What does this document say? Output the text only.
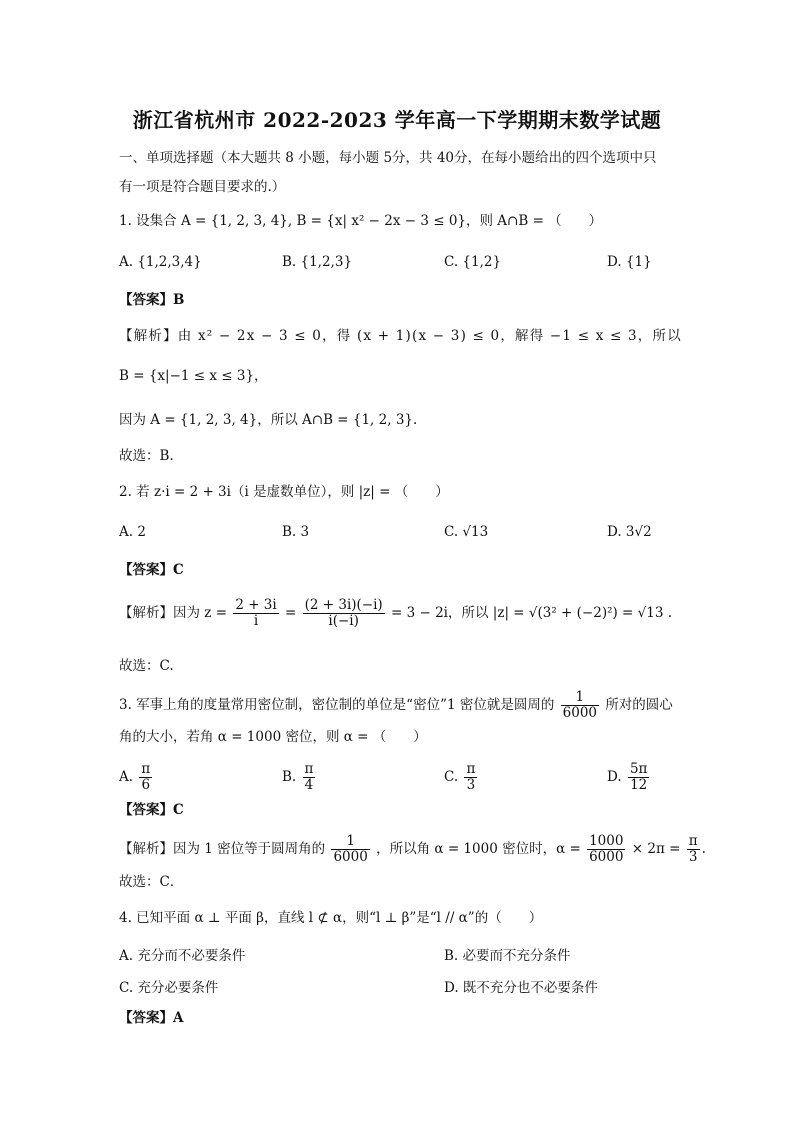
浙江省杭州市 2022-2023 学年高一下学期期末数学试题
一、单项选择题（本大题共 8 小题，每小题 5分，共 40分，在每小题给出的四个选项中只
有一项是符合题目要求的.）
1. 设集合 A = {1, 2, 3, 4}, B = {x| x² − 2x − 3 ≤ 0}，则 A∩B = （　　）
A. {1,2,3,4}	B. {1,2,3}	C. {1,2}	D. {1}
【答案】B
【解析】由 x² − 2x − 3 ≤ 0，得 (x + 1)(x − 3) ≤ 0，解得 −1 ≤ x ≤ 3，所以
B = {x|−1 ≤ x ≤ 3}，
因为 A = {1, 2, 3, 4}，所以 A∩B = {1, 2, 3}.
故选：B.
2. 若 z·i = 2 + 3i（i 是虚数单位），则 |z| = （　　）
A. 2	B. 3	C. √13	D. 3√2
【答案】C
【解析】因为 $z = \frac{2 + 3i}{i} = \frac{(2 + 3i)(-i)}{i(-i)} = 3 - 2i$，所以 |z| = √(3² + (−2)²) = √13 .
故选：C.
3. 军事上角的度量常用密位制，密位制的单位是“密位”1 密位就是圆周的 $\frac{1}{6000}$ 所对的圆心
角的大小，若角 α = 1000 密位，则 α = （　　）
A. $\frac{\pi}{6}$	B. $\frac{\pi}{4}$	C. $\frac{\pi}{3}$	D. $\frac{5\pi}{12}$
【答案】C
【解析】因为 1 密位等于圆周角的 $\frac{1}{6000}$ ，所以角 α = 1000 密位时，$\alpha = \frac{1000}{6000} \times 2\pi = \frac{\pi}{3}$ .
故选：C．
4. 已知平面 α ⊥ 平面 β，直线 l ⊄ α，则“l ⊥ β”是“l // α”的（　　）
A. 充分而不必要条件	B. 必要而不充分条件
C. 充分必要条件	D. 既不充分也不必要条件
【答案】A
